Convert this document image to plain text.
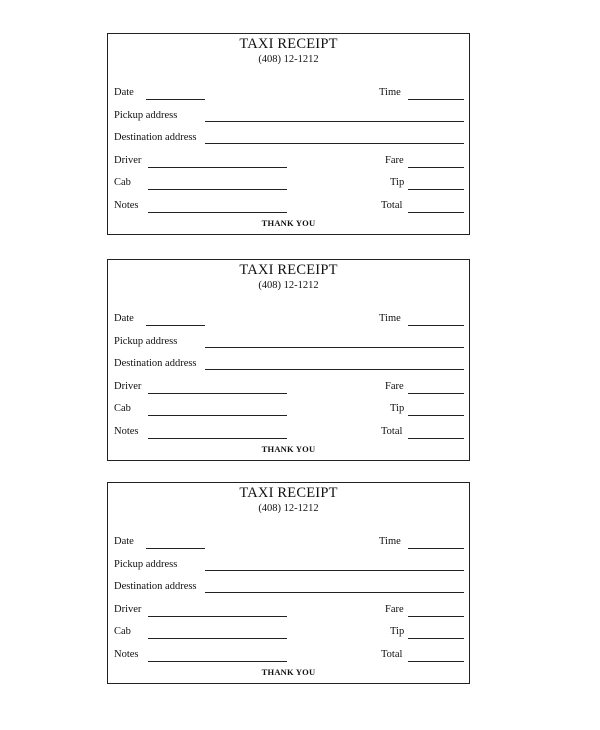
TAXI RECEIPT
(408) 12-1212
Date	Time
Pickup address
Destination address
Driver	Fare
Cab	Tip
Notes	Total
THANK YOU
TAXI RECEIPT
(408) 12-1212
Date	Time
Pickup address
Destination address
Driver	Fare
Cab	Tip
Notes	Total
THANK YOU
TAXI RECEIPT
(408) 12-1212
Date	Time
Pickup address
Destination address
Driver	Fare
Cab	Tip
Notes	Total
THANK YOU
